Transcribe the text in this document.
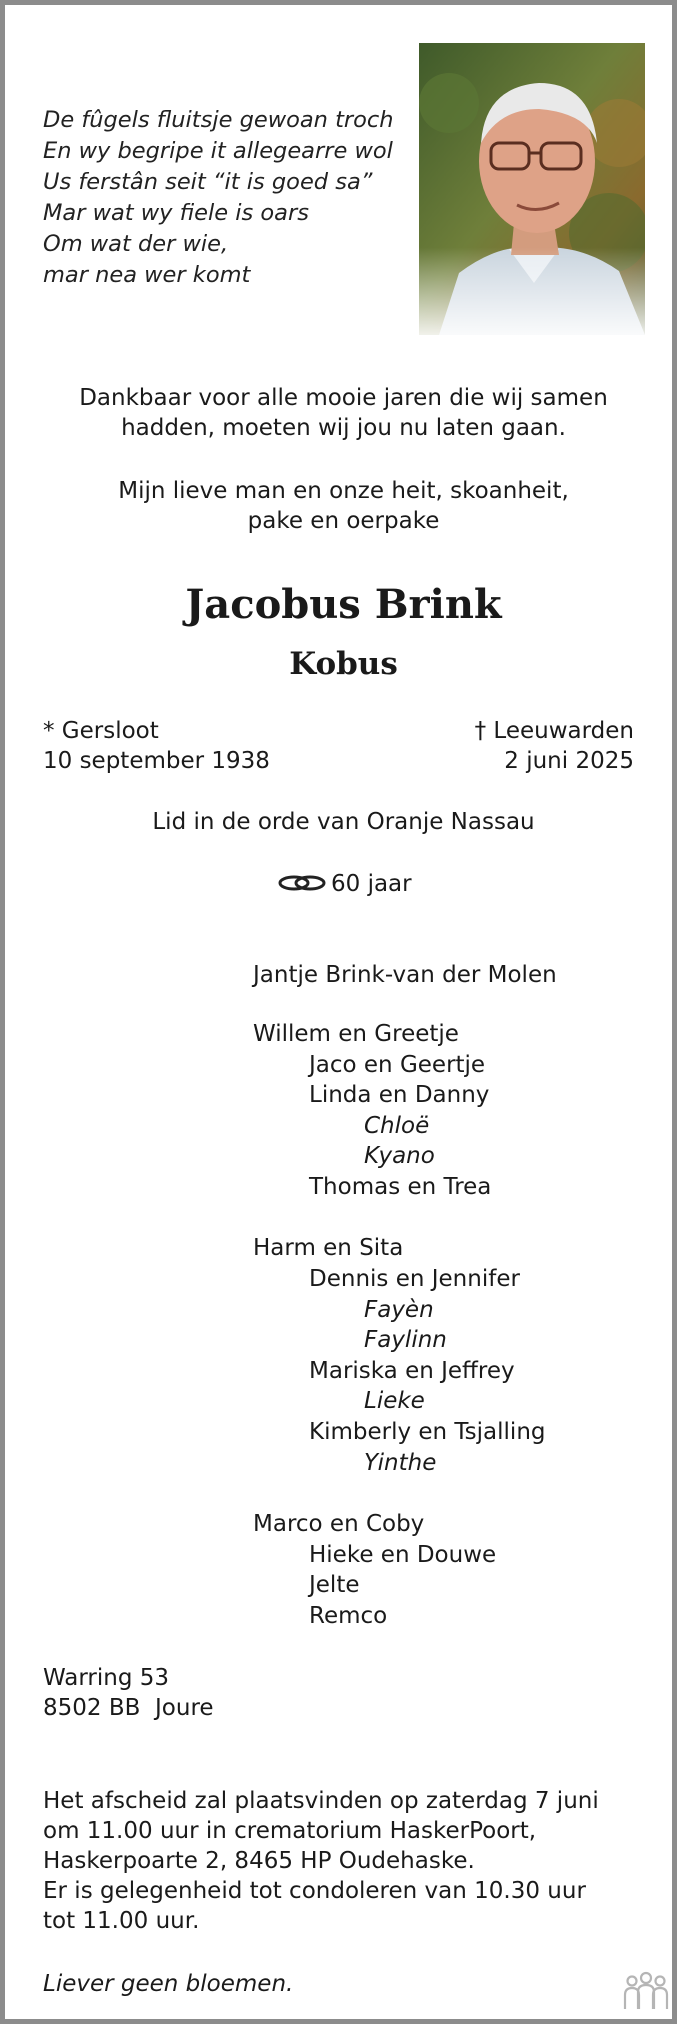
De fûgels fluitsje gewoan troch
En wy begripe it allegearre wol
Us ferstân seit “it is goed sa”
Mar wat wy fiele is oars
Om wat der wie,
mar nea wer komt
Dankbaar voor alle mooie jaren die wij samen
hadden, moeten wij jou nu laten gaan.
Mijn lieve man en onze heit, skoanheit,
pake en oerpake
Jacobus Brink
Kobus
* Gersloot
10 september 1938
† Leeuwarden
2 juni 2025
Lid in de orde van Oranje Nassau
60 jaar
Jantje Brink-van der Molen
Willem en Greetje
Jaco en Geertje
Linda en Danny
Chloë
Kyano
Thomas en Trea
Harm en Sita
Dennis en Jennifer
Fayèn
Faylinn
Mariska en Jeffrey
Lieke
Kimberly en Tsjalling
Yinthe
Marco en Coby
Hieke en Douwe
Jelte
Remco
Warring 53
8502 BB  Joure
Het afscheid zal plaatsvinden op zaterdag 7 juni
om 11.00 uur in crematorium HaskerPoort,
Haskerpoarte 2, 8465 HP Oudehaske.
Er is gelegenheid tot condoleren van 10.30 uur
tot 11.00 uur.
Liever geen bloemen.
